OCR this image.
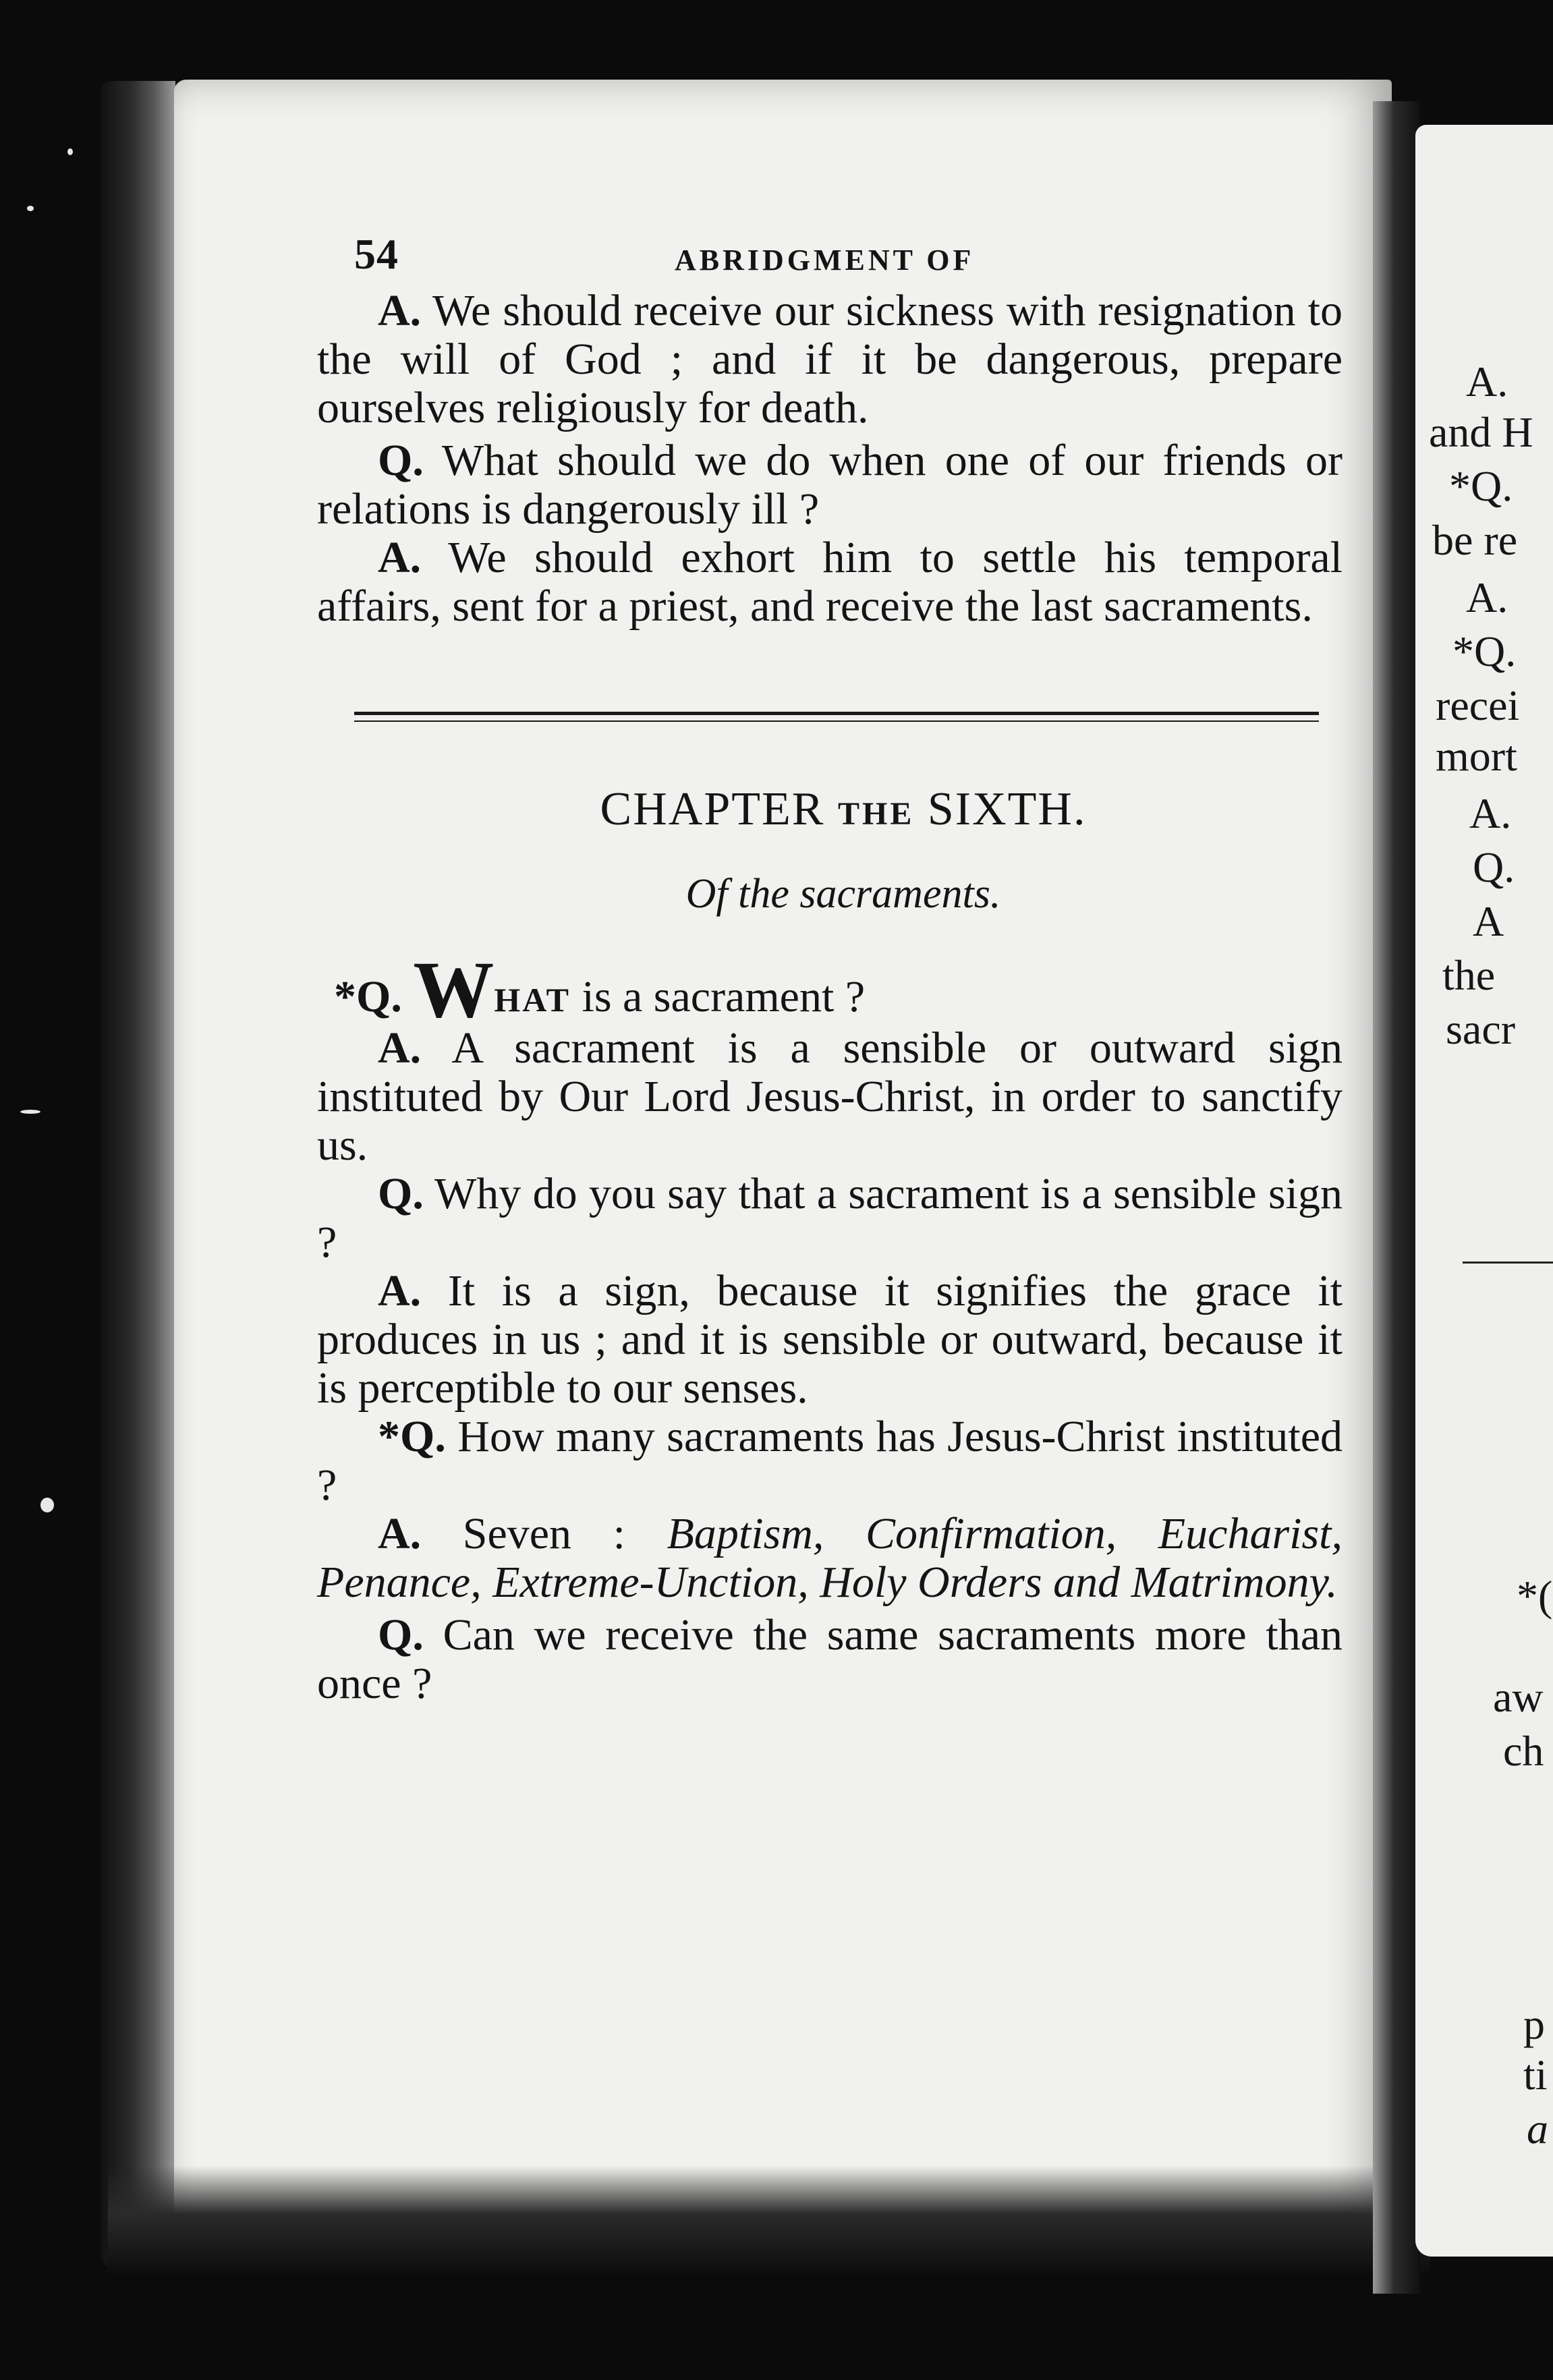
A.
and H
*Q.
be re
A.
*Q.
recei
mort
A.
Q.
A
the
sacr
*(
aw
ch
p
ti
a
54	ABRIDGMENT OF

A. We should receive our sickness with resignation to the will of God ; and if it be dangerous, prepare ourselves religiously for death.

Q. What should we do when one of our friends or relations is dangerously ill ?

A. We should exhort him to settle his temporal affairs, sent for a priest, and receive the last sacraments.

CHAPTER THE SIXTH.
Of the sacraments.

*Q. WHAT is a sacrament ?

A. A sacrament is a sensible or outward sign instituted by Our Lord Jesus-Christ, in order to sanctify us.

Q. Why do you say that a sacrament is a sensible sign ?

A. It is a sign, because it signifies the grace it produces in us ; and it is sensible or outward, because it is perceptible to our senses.

*Q. How many sacraments has Jesus-Christ instituted ?

A. Seven : Baptism, Confirmation, Eucharist, Penance, Extreme-Unction, Holy Orders and Matrimony.

Q. Can we receive the same sacraments more than once ?
